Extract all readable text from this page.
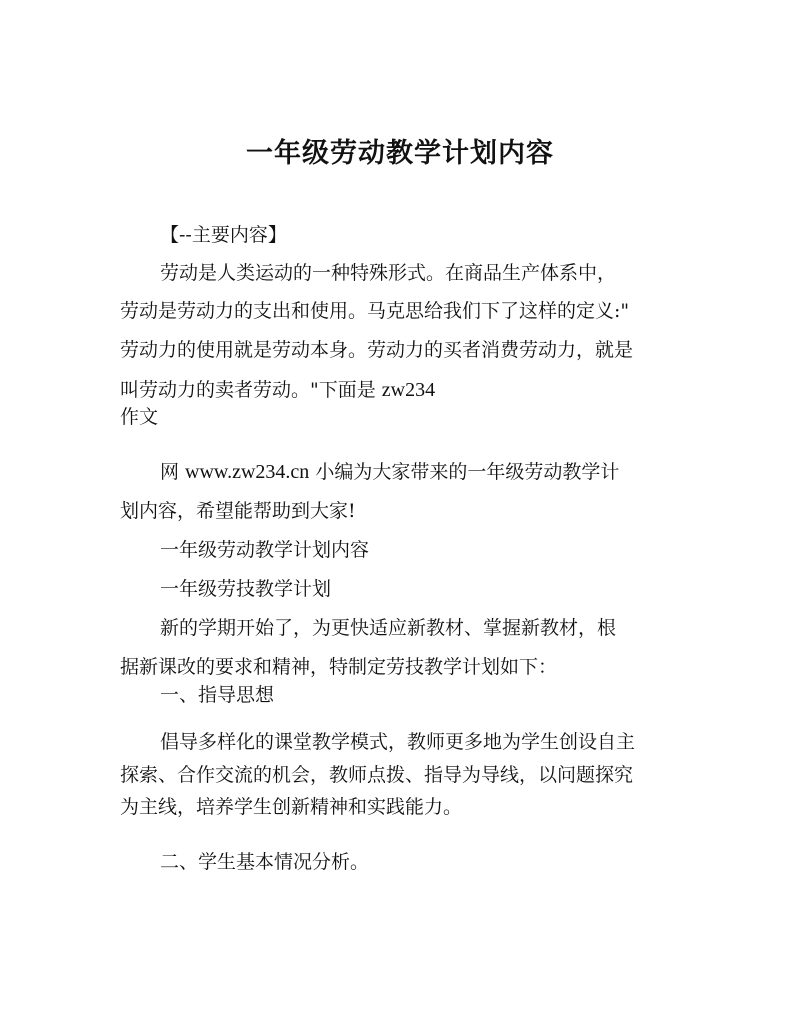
一年级劳动教学计划内容
【--主要内容】
劳动是人类运动的一种特殊形式。在商品生产体系中，
劳动是劳动力的支出和使用。马克思给我们下了这样的定义:"
劳动力的使用就是劳动本身。劳动力的买者消费劳动力，就是
叫劳动力的卖者劳动。"下面是 zw234
作文
网 www.zw234.cn 小编为大家带来的一年级劳动教学计
划内容，希望能帮助到大家!
一年级劳动教学计划内容
一年级劳技教学计划
新的学期开始了，为更快适应新教材、掌握新教材，根
据新课改的要求和精神，特制定劳技教学计划如下：
一、指导思想
倡导多样化的课堂教学模式，教师更多地为学生创设自主
探索、合作交流的机会，教师点拨、指导为导线，以问题探究
为主线，培养学生创新精神和实践能力。
二、学生基本情况分析。
